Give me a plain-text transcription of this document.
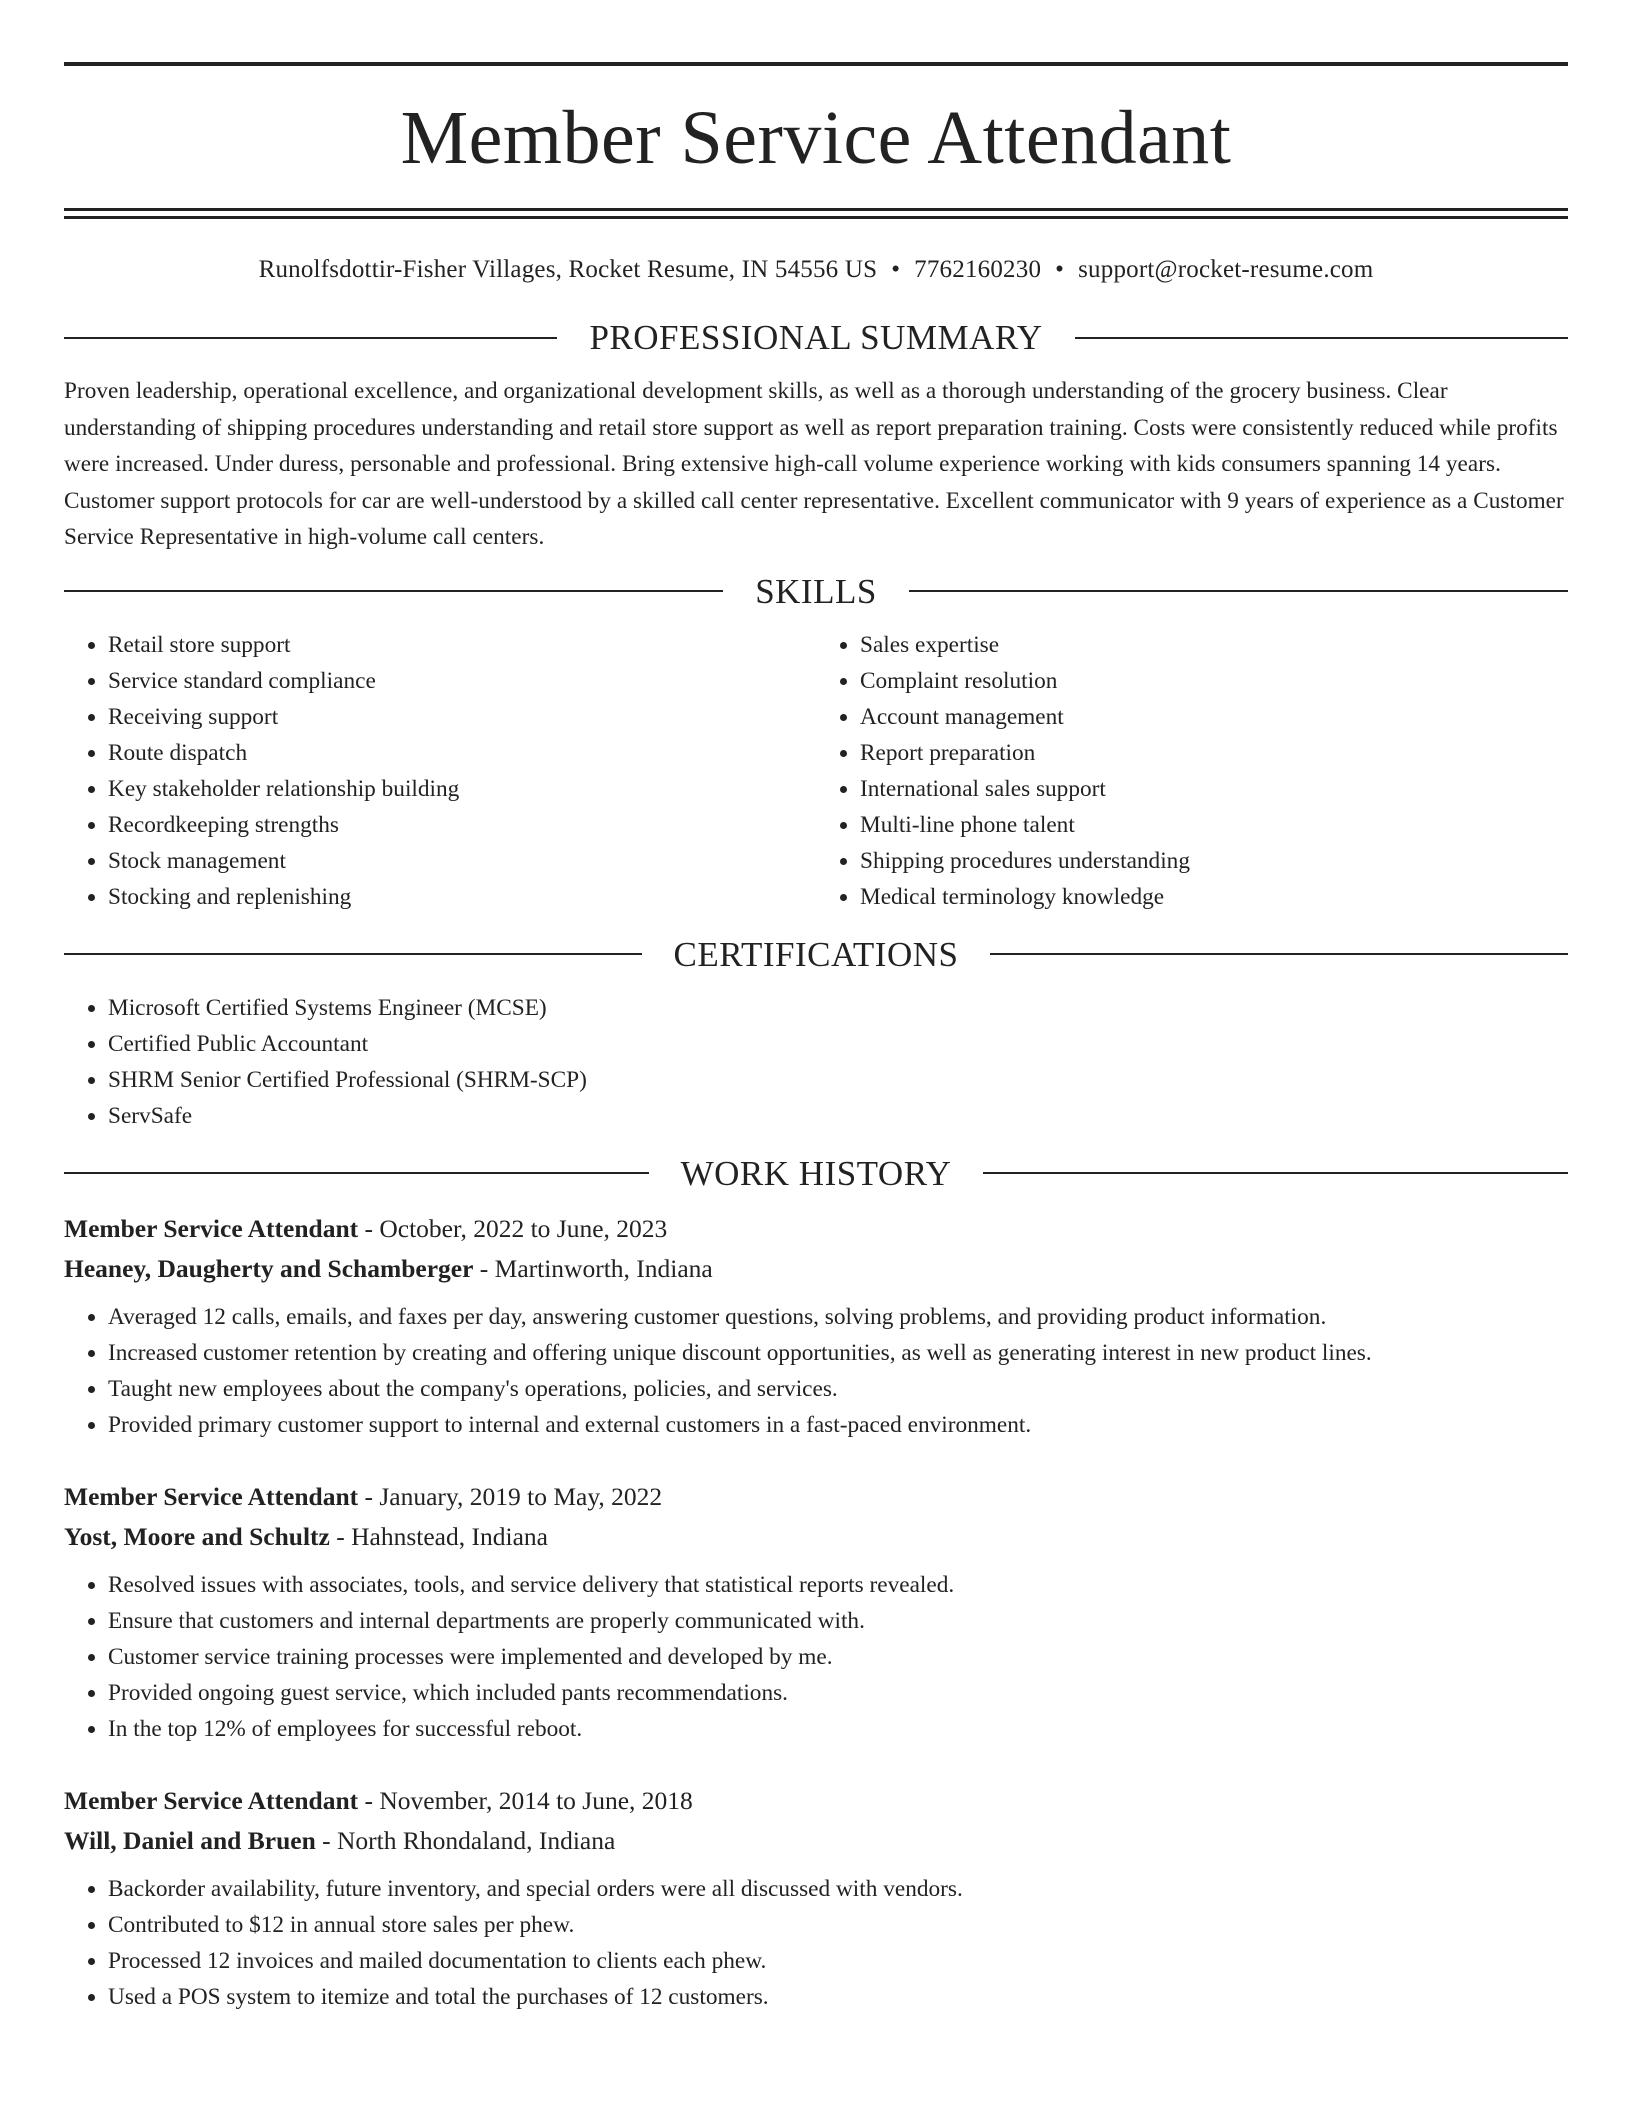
Member Service Attendant
Runolfsdottir-Fisher Villages, Rocket Resume, IN 54556 US • 7762160230 • support@rocket-resume.com
PROFESSIONAL SUMMARY

Proven leadership, operational excellence, and organizational development skills, as well as a thorough understanding of the grocery business. Clear understanding of shipping procedures understanding and retail store support as well as report preparation training. Costs were consistently reduced while profits were increased. Under duress, personable and professional. Bring extensive high-call volume experience working with kids consumers spanning 14 years. Customer support protocols for car are well-understood by a skilled call center representative. Excellent communicator with 9 years of experience as a Customer Service Representative in high-volume call centers.

SKILLS
• Retail store support
• Service standard compliance
• Receiving support
• Route dispatch
• Key stakeholder relationship building
• Recordkeeping strengths
• Stock management
• Stocking and replenishing
• Sales expertise
• Complaint resolution
• Account management
• Report preparation
• International sales support
• Multi-line phone talent
• Shipping procedures understanding
• Medical terminology knowledge
CERTIFICATIONS
• Microsoft Certified Systems Engineer (MCSE)
• Certified Public Accountant
• SHRM Senior Certified Professional (SHRM-SCP)
• ServSafe
WORK HISTORY
Member Service Attendant - October, 2022 to June, 2023
Heaney, Daugherty and Schamberger - Martinworth, Indiana
• Averaged 12 calls, emails, and faxes per day, answering customer questions, solving problems, and providing product information.
• Increased customer retention by creating and offering unique discount opportunities, as well as generating interest in new product lines.
• Taught new employees about the company's operations, policies, and services.
• Provided primary customer support to internal and external customers in a fast-paced environment.
Member Service Attendant - January, 2019 to May, 2022
Yost, Moore and Schultz - Hahnstead, Indiana
• Resolved issues with associates, tools, and service delivery that statistical reports revealed.
• Ensure that customers and internal departments are properly communicated with.
• Customer service training processes were implemented and developed by me.
• Provided ongoing guest service, which included pants recommendations.
• In the top 12% of employees for successful reboot.
Member Service Attendant - November, 2014 to June, 2018
Will, Daniel and Bruen - North Rhondaland, Indiana
• Backorder availability, future inventory, and special orders were all discussed with vendors.
• Contributed to $12 in annual store sales per phew.
• Processed 12 invoices and mailed documentation to clients each phew.
• Used a POS system to itemize and total the purchases of 12 customers.
